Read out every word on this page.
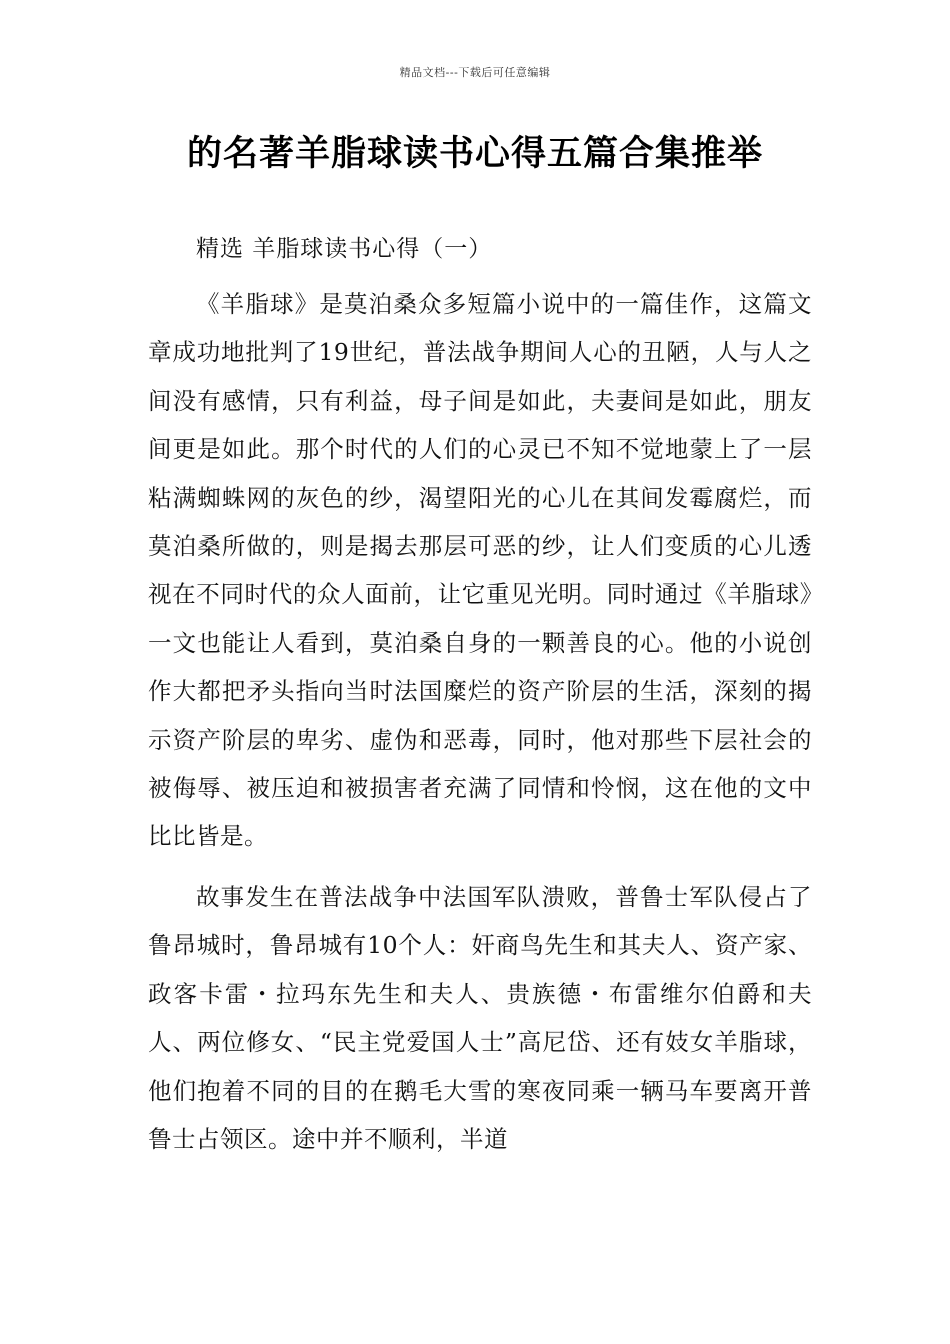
精品文档---下载后可任意编辑
的名著羊脂球读书心得五篇合集推举

精选 羊脂球读书心得（一）

《羊脂球》是莫泊桑众多短篇小说中的一篇佳作，这篇文章成功地批判了19世纪，普法战争期间人心的丑陋，人与人之间没有感情，只有利益，母子间是如此，夫妻间是如此，朋友间更是如此。那个时代的人们的心灵已不知不觉地蒙上了一层粘满蜘蛛网的灰色的纱，渴望阳光的心儿在其间发霉腐烂，而莫泊桑所做的，则是揭去那层可恶的纱，让人们变质的心儿透视在不同时代的众人面前，让它重见光明。同时通过《羊脂球》一文也能让人看到，莫泊桑自身的一颗善良的心。他的小说创作大都把矛头指向当时法国糜烂的资产阶层的生活，深刻的揭示资产阶层的卑劣、虚伪和恶毒，同时，他对那些下层社会的被侮辱、被压迫和被损害者充满了同情和怜悯，这在他的文中比比皆是。

故事发生在普法战争中法国军队溃败，普鲁士军队侵占了鲁昂城时，鲁昂城有10个人：奸商鸟先生和其夫人、资产家、政客卡雷・拉玛东先生和夫人、贵族德・布雷维尔伯爵和夫人、两位修女、“民主党爱国人士”高尼岱、还有妓女羊脂球，他们抱着不同的目的在鹅毛大雪的寒夜同乘一辆马车要离开普鲁士占领区。途中并不顺利，半道
